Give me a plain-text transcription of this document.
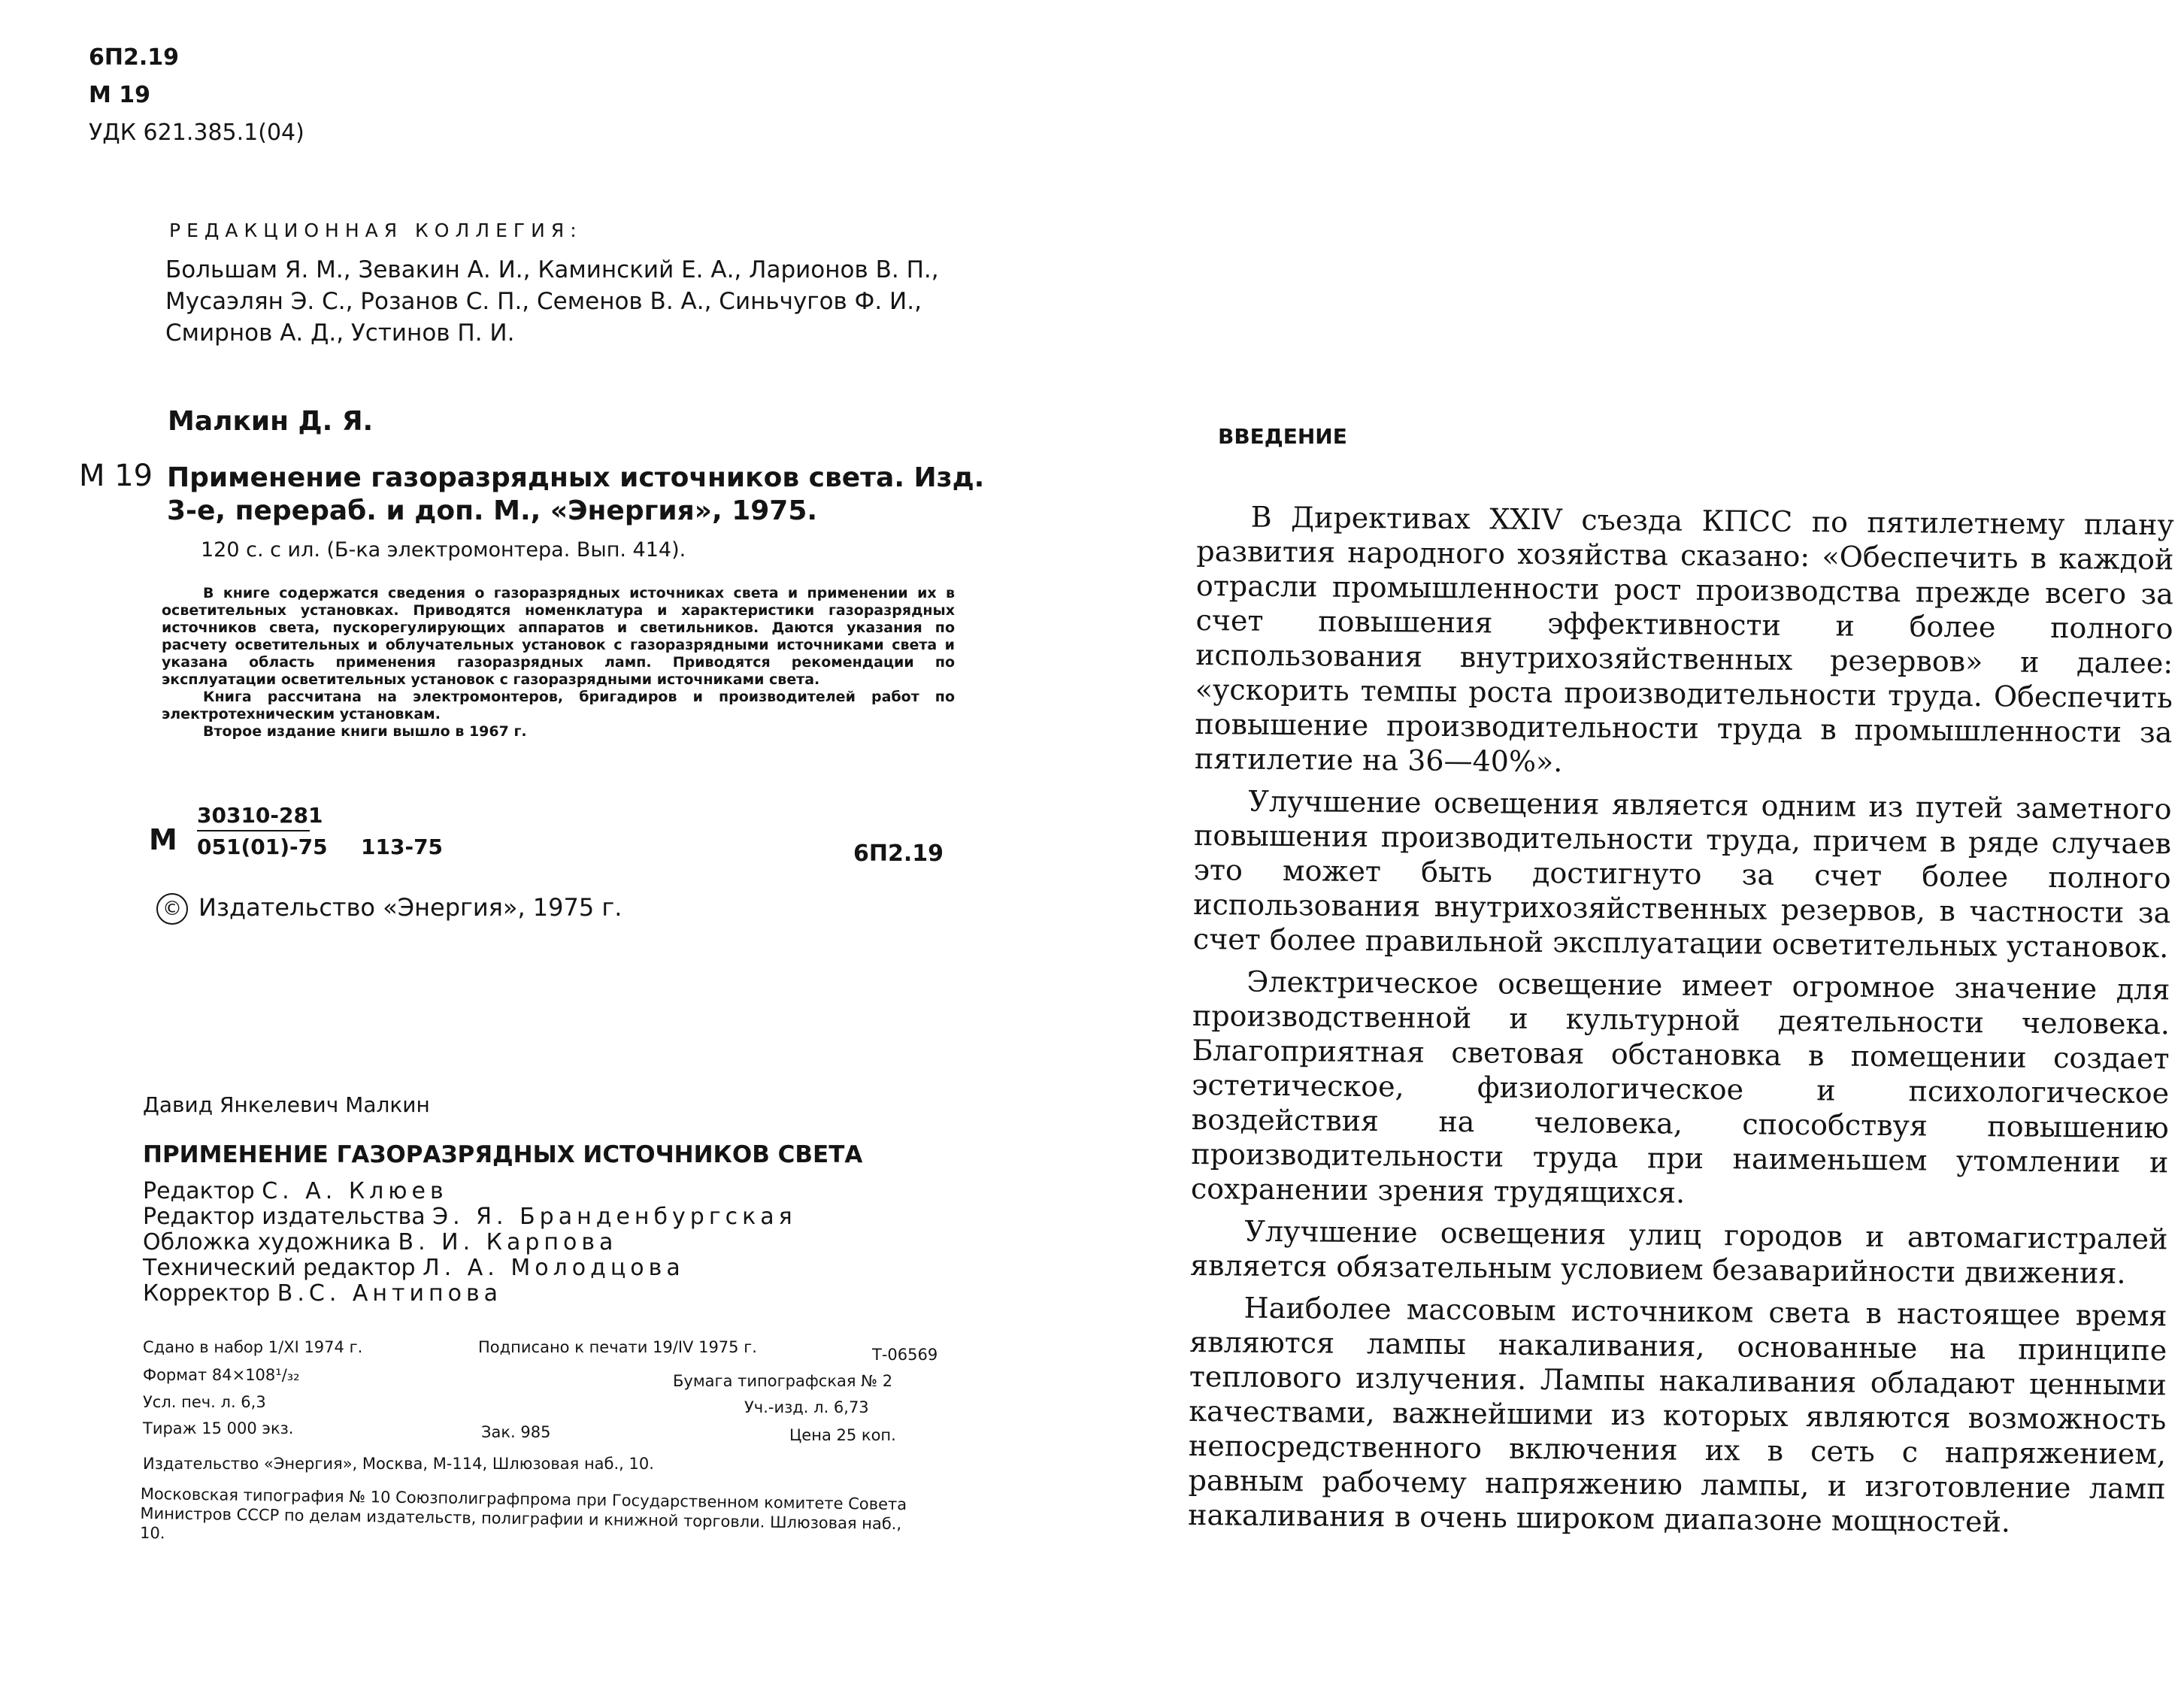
6П2.19
М 19
УДК 621.385.1(04)
РЕДАКЦИОННАЯ КОЛЛЕГИЯ:
Большам Я. М., Зевакин А. И., Каминский Е. А., Ларионов В. П., Мусаэлян Э. С., Розанов С. П., Семенов В. А., Синьчугов Ф. И., Смирнов А. Д., Устинов П. И.
Малкин Д. Я.
М 19 Применение газоразрядных источников света. Изд. 3-е, перераб. и доп. М., «Энергия», 1975.
120 с. с ил. (Б-ка электромонтера. Вып. 414).

В книге содержатся сведения о газоразрядных источниках света и применении их в осветительных установках. Приводятся номенклатура и характеристики газоразрядных источников света, пускорегулирующих аппаратов и светильников. Даются указания по расчету осветительных и облучательных установок с газоразрядными источниками света и указана область применения газоразрядных ламп. Приводятся рекомендации по эксплуатации осветительных установок с газоразрядными источниками света.

Книга рассчитана на электромонтеров, бригадиров и производителей работ по электротехническим установкам.

Второе издание книги вышло в 1967 г.

М
30310-281
051(01)-75 113-75	6П2.19
© Издательство «Энергия», 1975 г.
Давид Янкелевич Малкин
ПРИМЕНЕНИЕ ГАЗОРАЗРЯДНЫХ ИСТОЧНИКОВ СВЕТА
Редактор С. А. Клюев
Редактор издательства Э. Я. Бранденбургская
Обложка художника В. И. Карпова
Технический редактор Л. А. Молодцова
Корректор В.С. Антипова
Сдано в набор 1/XI 1974 г.	Подписано к печати 19/IV 1975 г.	Т-06569
Формат 84×108¹/₃₂	Бумага типографская № 2
Усл. печ. л. 6,3	Уч.-изд. л. 6,73
Тираж 15 000 экз.	Зак. 985	Цена 25 коп.
Издательство «Энергия», Москва, М-114, Шлюзовая наб., 10.
Московская типография № 10 Союзполиграфпрома при Государственном комитете Совета Министров СССР по делам издательств, полиграфии и книжной торговли. Шлюзовая наб., 10.
ВВЕДЕНИЕ

В Директивах XXIV съезда КПСС по пятилетнему плану развития народного хозяйства сказано: «Обеспечить в каждой отрасли промышленности рост производства прежде всего за счет повышения эффективности и более полного использования внутрихозяйственных резервов» и далее: «ускорить темпы роста производительности труда. Обеспечить повышение производительности труда в промышленности за пятилетие на 36—40%».

Улучшение освещения является одним из путей заметного повышения производительности труда, причем в ряде случаев это может быть достигнуто за счет более полного использования внутрихозяйственных резервов, в частности за счет более правильной эксплуатации осветительных установок.

Электрическое освещение имеет огромное значение для производственной и культурной деятельности человека. Благоприятная световая обстановка в помещении создает эстетическое, физиологическое и психологическое воздействия на человека, способствуя повышению производительности труда при наименьшем утомлении и сохранении зрения трудящихся.

Улучшение освещения улиц городов и автомагистралей является обязательным условием безаварийности движения.

Наиболее массовым источником света в настоящее время являются лампы накаливания, основанные на принципе теплового излучения. Лампы накаливания обладают ценными качествами, важнейшими из которых являются возможность непосредственного включения их в сеть с напряжением, равным рабочему напряжению лампы, и изготовление ламп накаливания в очень широком диапазоне мощностей.
